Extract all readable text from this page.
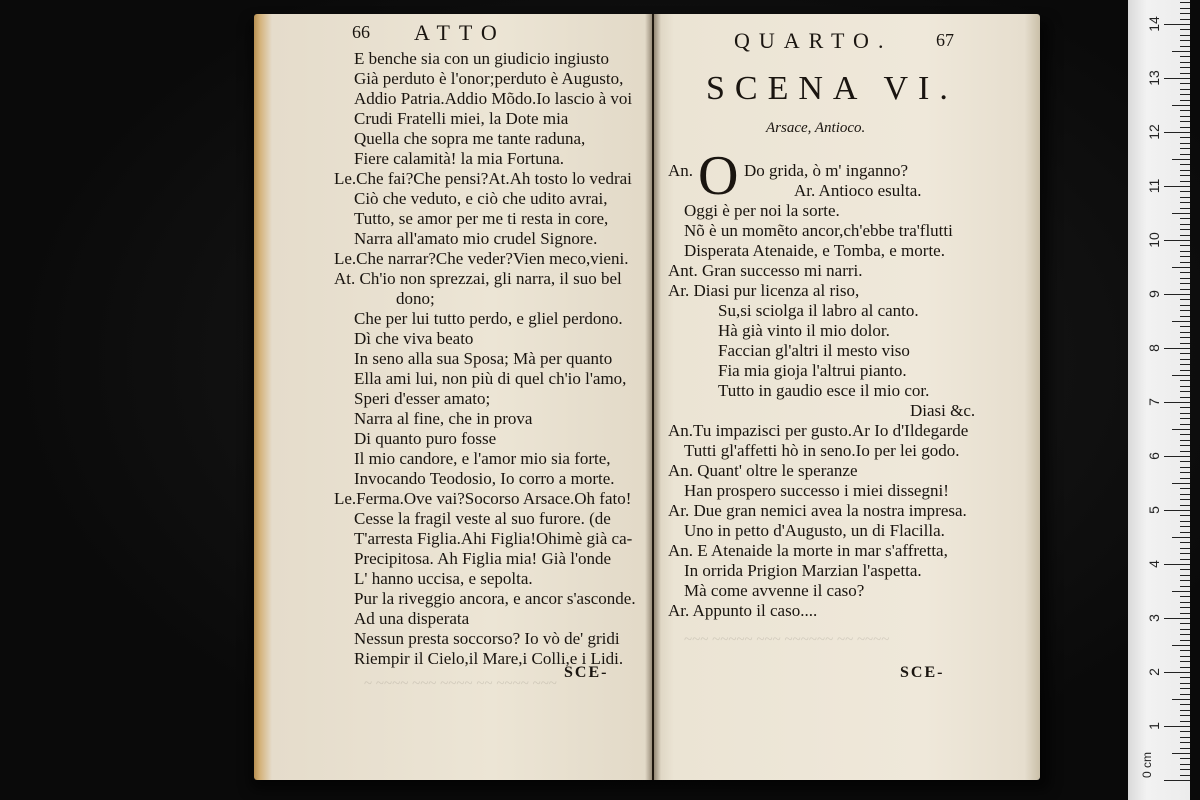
66 ATTO
E benche sia con un giudicio ingiusto
Già perduto è l'onor;perduto è Augusto,
Addio Patria.Addio Mõdo.Io lascio à voi
Crudi Fratelli miei, la Dote mia
Quella che sopra me tante raduna,
Fiere calamità! la mia Fortuna.
Le.Che fai?Che pensi?At.Ah tosto lo vedrai
Ciò che veduto, e ciò che udito avrai,
Tutto, se amor per me ti resta in core,
Narra all'amato mio crudel Signore.
Le.Che narrar?Che veder?Vien meco,vieni.
At. Ch'io non sprezzai, gli narra, il suo bel
dono;
Che per lui tutto perdo, e gliel perdono.
Dì che viva beato
In seno alla sua Sposa; Mà per quanto
Ella ami lui, non più di quel ch'io l'amo,
Speri d'esser amato;
Narra al fine, che in prova
Di quanto puro fosse
Il mio candore, e l'amor mio sia forte,
Invocando Teodosio, Io corro a morte.
Le.Ferma.Ove vai?Socorso Arsace.Oh fato!
Cesse la fragil veste al suo furore. (de
T'arresta Figlia.Ahi Figlia!Ohimè già ca-
Precipitosa. Ah Figlia mia! Già l'onde
L' hanno uccisa, e sepolta.
Pur la riveggio ancora, e ancor s'asconde.
Ad una disperata
Nessun presta soccorso? Io vò de' gridi
Riempir il Cielo,il Mare,i Colli,e i Lidi.
~ ~~~~ ~~~ ~~~~ ~~ ~~~~ ~~~
SCE-
QUARTO. 67
SCENA VI.
Arsace, Antioco.
An. O Do grida, ò m' inganno?
Ar. Antioco esulta.
Oggi è per noi la sorte.
Nõ è un momẽto ancor,ch'ebbe tra'flutti
Disperata Atenaide, e Tomba, e morte.
Ant. Gran successo mi narri.
Ar. Diasi pur licenza al riso,
Su,si sciolga il labro al canto.
Hà già vinto il mio dolor.
Faccian gl'altri il mesto viso
Fia mia gioja l'altrui pianto.
Tutto in gaudio esce il mio cor.
Diasi &c.
An.Tu impazisci per gusto.Ar Io d'Ildegarde
Tutti gl'affetti hò in seno.Io per lei godo.
An. Quant' oltre le speranze
Han prospero successo i miei dissegni!
Ar. Due gran nemici avea la nostra impresa.
Uno in petto d'Augusto, un di Flacilla.
An. E Atenaide la morte in mar s'affretta,
In orrida Prigion Marzian l'aspetta.
Mà come avvenne il caso?
Ar. Appunto il caso....
~~~ ~~~~~ ~~~ ~~~~~~ ~~ ~~~~
SCE-
0 cm
1
2
3
4
5
6
7
8
9
10
11
12
13
14
